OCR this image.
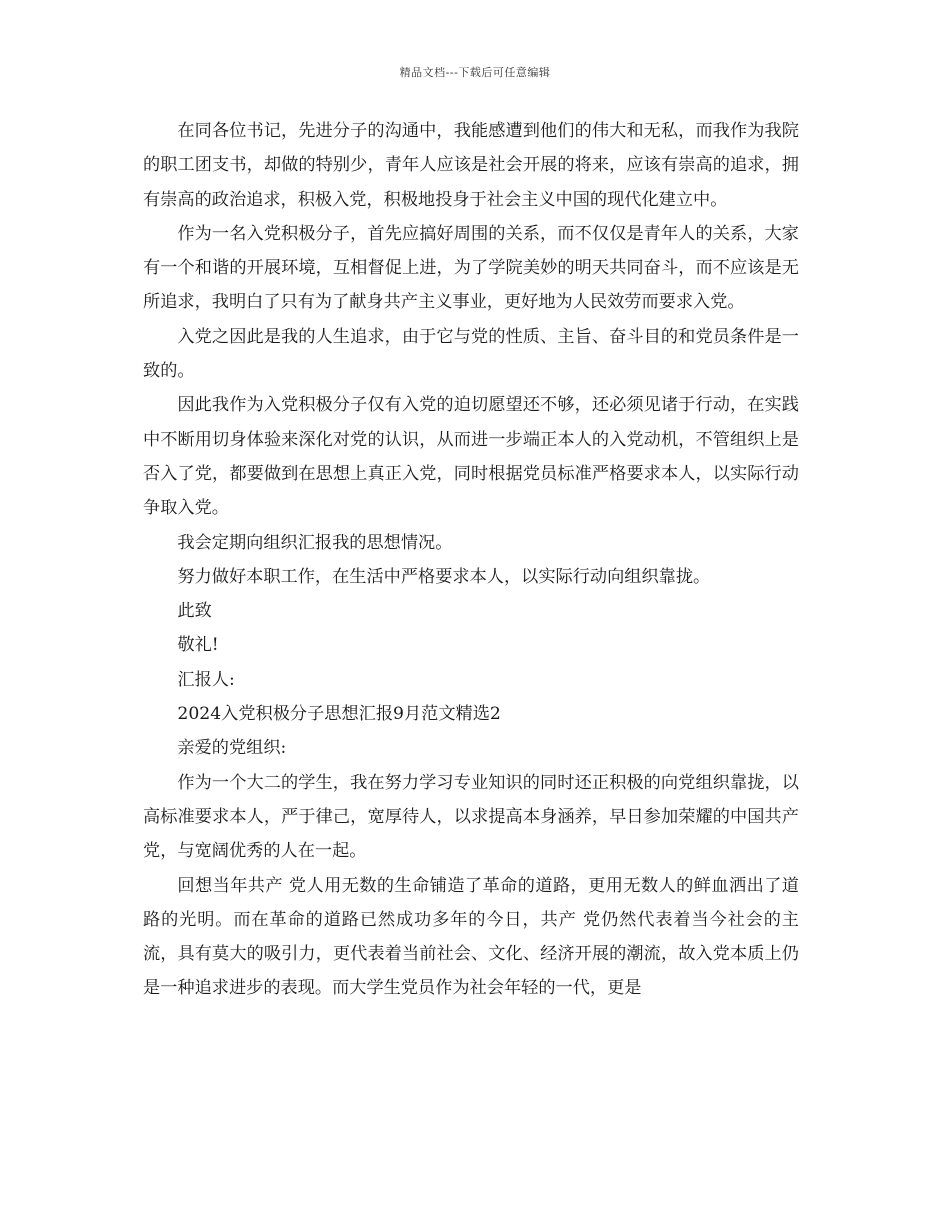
精品文档---下载后可任意编辑

在同各位书记，先进分子的沟通中，我能感遭到他们的伟大和无私，而我作为我院的职工团支书，却做的特别少，青年人应该是社会开展的将来，应该有崇高的追求，拥有崇高的政治追求，积极入党，积极地投身于社会主义中国的现代化建立中。

作为一名入党积极分子，首先应搞好周围的关系，而不仅仅是青年人的关系，大家有一个和谐的开展环境，互相督促上进，为了学院美妙的明天共同奋斗，而不应该是无所追求，我明白了只有为了献身共产主义事业，更好地为人民效劳而要求入党。

入党之因此是我的人生追求，由于它与党的性质、主旨、奋斗目的和党员条件是一致的。

因此我作为入党积极分子仅有入党的迫切愿望还不够，还必须见诸于行动，在实践中不断用切身体验来深化对党的认识，从而进一步端正本人的入党动机，不管组织上是否入了党，都要做到在思想上真正入党，同时根据党员标准严格要求本人，以实际行动争取入党。

我会定期向组织汇报我的思想情况。

努力做好本职工作，在生活中严格要求本人，以实际行动向组织靠拢。

此致

敬礼!

汇报人:

2024入党积极分子思想汇报9月范文精选2

亲爱的党组织:

作为一个大二的学生，我在努力学习专业知识的同时还正积极的向党组织靠拢，以高标准要求本人，严于律己，宽厚待人，以求提高本身涵养，早日参加荣耀的中国共产 党，与宽阔优秀的人在一起。

回想当年共产 党人用无数的生命铺造了革命的道路，更用无数人的鲜血洒出了道路的光明。而在革命的道路已然成功多年的今日，共产 党仍然代表着当今社会的主流，具有莫大的吸引力，更代表着当前社会、文化、经济开展的潮流，故入党本质上仍是一种追求进步的表现。而大学生党员作为社会年轻的一代，更是
